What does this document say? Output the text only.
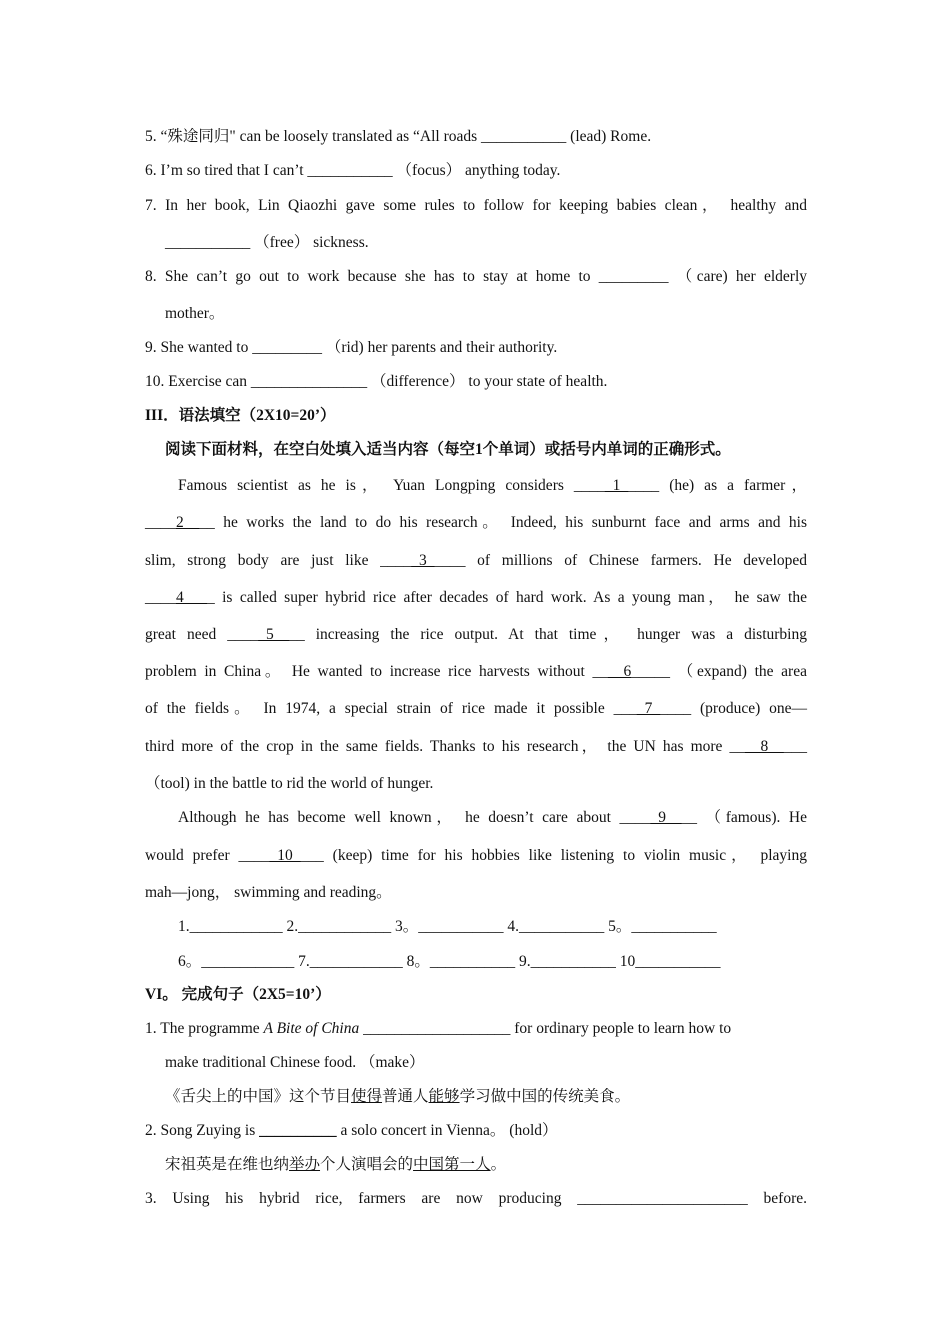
5. “殊途同归" can be loosely translated as “All roads ___________ (lead) Rome.
6. I’m so tired that I can’t ___________ （focus） anything today.
7. In her book, Lin Qiaozhi gave some rules to follow for keeping babies clean， healthy and
___________ （free） sickness.
8. She can’t go out to work because she has to stay at home to _________ （care) her elderly
mother。
9. She wanted to _________ （rid) her parents and their authority.
10. Exercise can _______________ （difference） to your state of health.
III．语法填空（2X10=20’）
阅读下面材料，在空白处填入适当内容（每空1个单词）或括号内单词的正确形式。
Famous scientist as he is， Yuan Longping considers _____1_____ (he) as a farmer，
____2____ he works the land to do his research。 Indeed, his sunburnt face and arms and his
slim, strong body are just like _____3_____ of millions of Chinese farmers. He developed
____4____ is called super hybrid rice after decades of hard work. As a young man， he saw the
great need _____5____ increasing the rice output. At that time， hunger was a disturbing
problem in China。 He wanted to increase rice harvests without ____6_____ （expand) the area
of the fields。 In 1974, a special strain of rice made it possible ____7_____ (produce) one—
third more of the crop in the same fields. Thanks to his research， the UN has more ____8_____
（tool) in the battle to rid the world of hunger.
Although he has become well known， he doesn’t care about _____9____ （famous). He
would prefer _____10____ (keep) time for his hobbies like listening to violin music， playing
mah—jong， swimming and reading。
1.____________ 2.____________ 3。___________ 4.___________ 5。___________
6。____________ 7.____________ 8。___________ 9.___________ 10___________
VI。 完成句子（2X5=10’）
1. The programme A Bite of China ___________________ for ordinary people to learn how to
make traditional Chinese food. （make）
《舌尖上的中国》这个节目使得普通人能够学习做中国的传统美食。
2. Song Zuying is __________ a solo concert in Vienna。 (hold）
宋祖英是在维也纳举办个人演唱会的中国第一人。
3. Using his hybrid rice, farmers are now producing ______________________ before.
